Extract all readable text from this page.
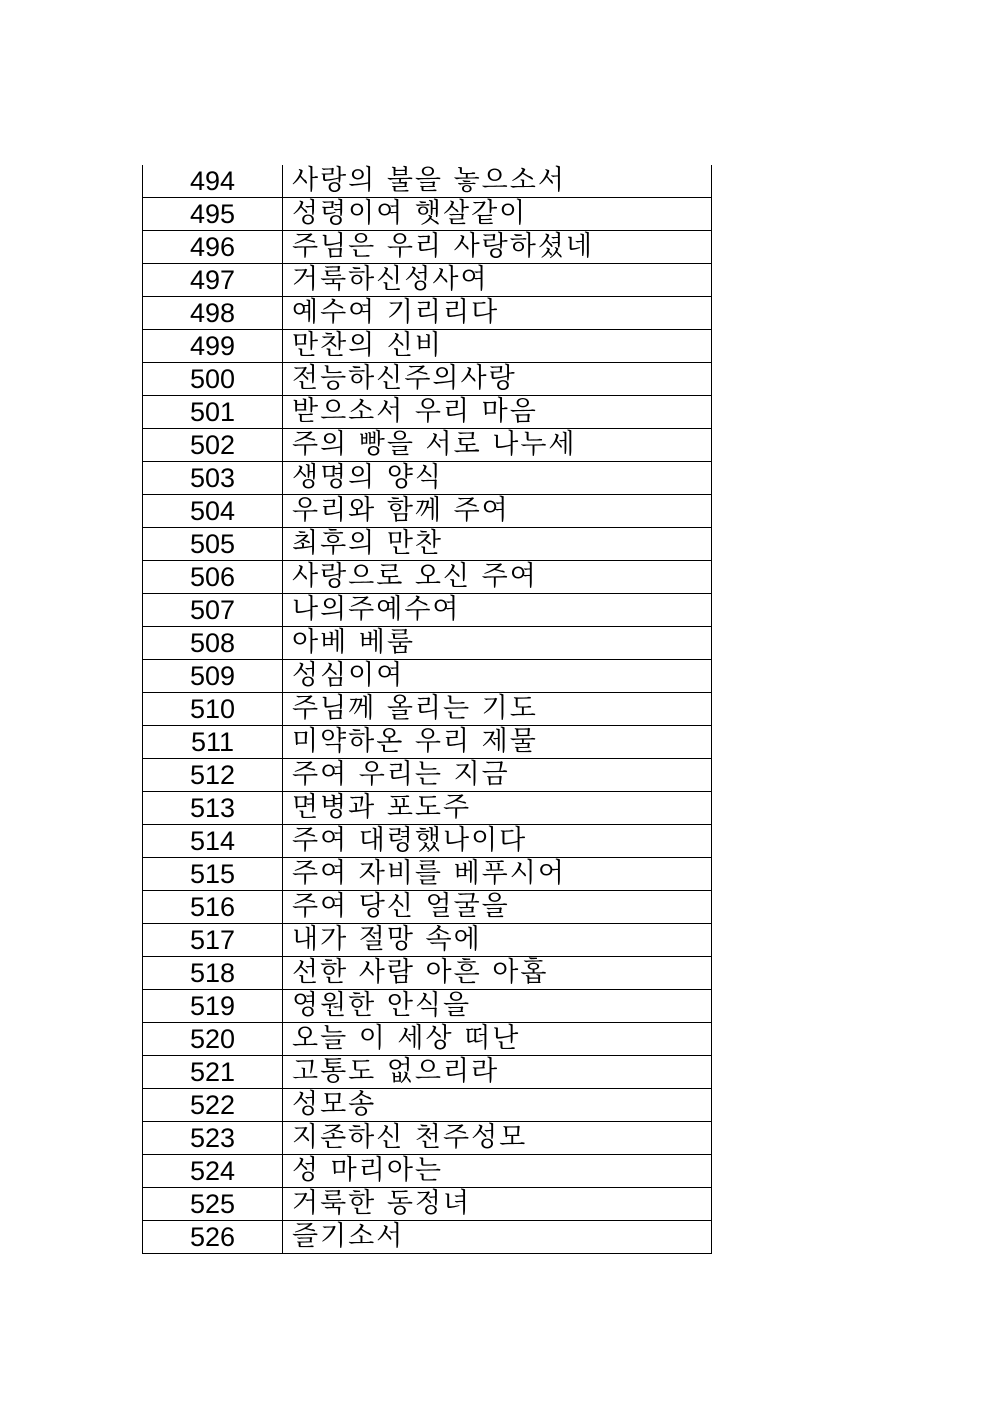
494	사랑의 불을 놓으소서
495	성령이여 햇살같이
496	주님은 우리 사랑하셨네
497	거룩하신성사여
498	예수여 기리리다
499	만찬의 신비
500	전능하신주의사랑
501	받으소서 우리 마음
502	주의 빵을 서로 나누세
503	생명의 양식
504	우리와 함께 주여
505	최후의 만찬
506	사랑으로 오신 주여
507	나의주예수여
508	아베 베룸
509	성심이여
510	주님께 올리는 기도
511	미약하온 우리 제물
512	주여 우리는 지금
513	면병과 포도주
514	주여 대령했나이다
515	주여 자비를 베푸시어
516	주여 당신 얼굴을
517	내가 절망 속에
518	선한 사람 아흔 아홉
519	영원한 안식을
520	오늘 이 세상 떠난
521	고통도 없으리라
522	성모송
523	지존하신 천주성모
524	성 마리아는
525	거룩한 동정녀
526	즐기소서
